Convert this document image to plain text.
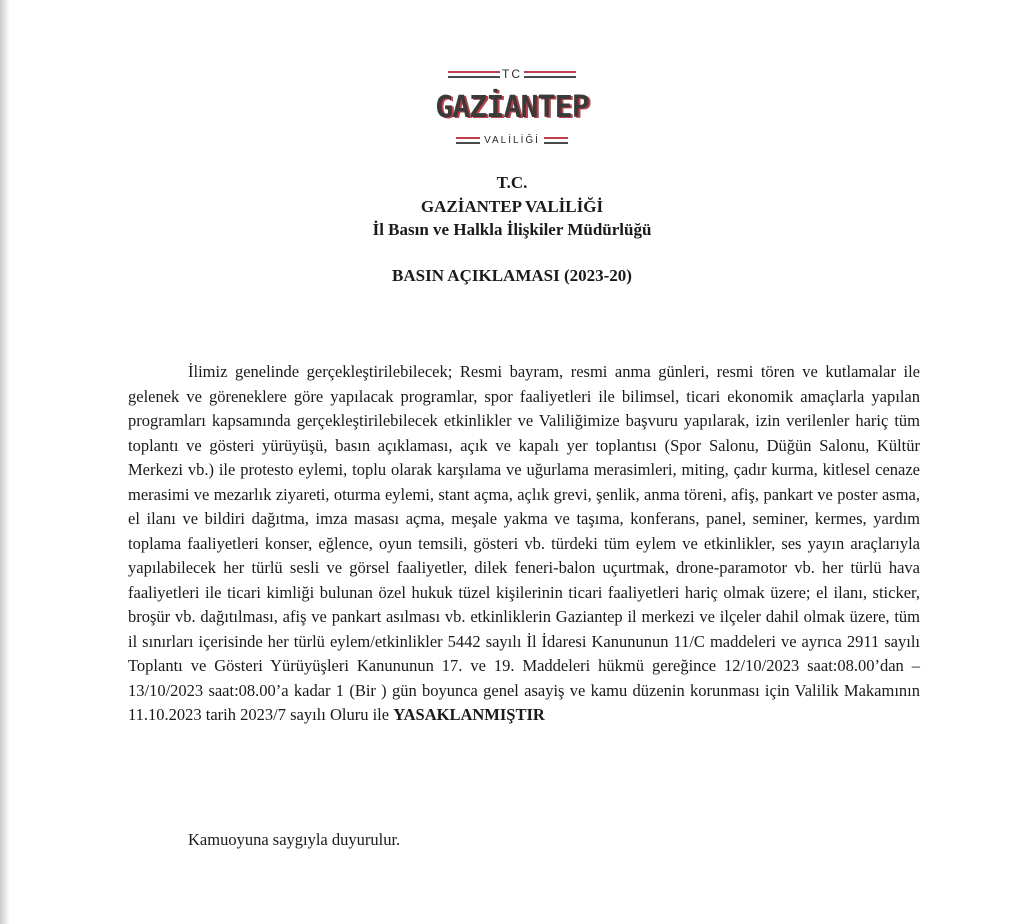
TC
GAZİANTEP
VALİLİĞİ

T.C.

GAZİANTEP VALİLİĞİ

İl Basın ve Halkla İlişkiler Müdürlüğü

BASIN AÇIKLAMASI (2023-20)

İlimiz genelinde gerçekleştirilebilecek; Resmi bayram, resmi anma günleri, resmi tören ve kutlamalar ile gelenek ve göreneklere göre yapılacak programlar, spor faaliyetleri ile bilimsel, ticari ekonomik amaçlarla yapılan programları kapsamında gerçekleştirilebilecek etkinlikler ve Valiliğimize başvuru yapılarak, izin verilenler hariç tüm toplantı ve gösteri yürüyüşü, basın açıklaması, açık ve kapalı yer toplantısı (Spor Salonu, Düğün Salonu, Kültür Merkezi vb.) ile protesto eylemi, toplu olarak karşılama ve uğurlama merasimleri, miting, çadır kurma, kitlesel cenaze merasimi ve mezarlık ziyareti, oturma eylemi, stant açma, açlık grevi, şenlik, anma töreni, afiş, pankart ve poster asma, el ilanı ve bildiri dağıtma, imza masası açma, meşale yakma ve taşıma, konferans, panel, seminer, kermes, yardım toplama faaliyetleri konser, eğlence, oyun temsili, gösteri vb. türdeki tüm eylem ve etkinlikler, ses yayın araçlarıyla yapılabilecek her türlü sesli ve görsel faaliyetler, dilek feneri-balon uçurtmak, drone-paramotor vb. her türlü hava faaliyetleri ile ticari kimliği bulunan özel hukuk tüzel kişilerinin ticari faaliyetleri hariç olmak üzere; el ilanı, sticker, broşür vb. dağıtılması, afiş ve pankart asılması vb. etkinliklerin Gaziantep il merkezi ve ilçeler dahil olmak üzere, tüm il sınırları içerisinde her türlü eylem/etkinlikler 5442 sayılı İl İdaresi Kanununun 11/C maddeleri ve ayrıca 2911 sayılı Toplantı ve Gösteri Yürüyüşleri Kanununun 17. ve 19. Maddeleri hükmü gereğince 12/10/2023 saat:08.00’dan – 13/10/2023 saat:08.00’a kadar 1 (Bir ) gün boyunca genel asayiş ve kamu düzenin korunması için Valilik Makamının 11.10.2023 tarih 2023/7 sayılı Oluru ile YASAKLANMIŞTIR

Kamuoyuna saygıyla duyurulur.
